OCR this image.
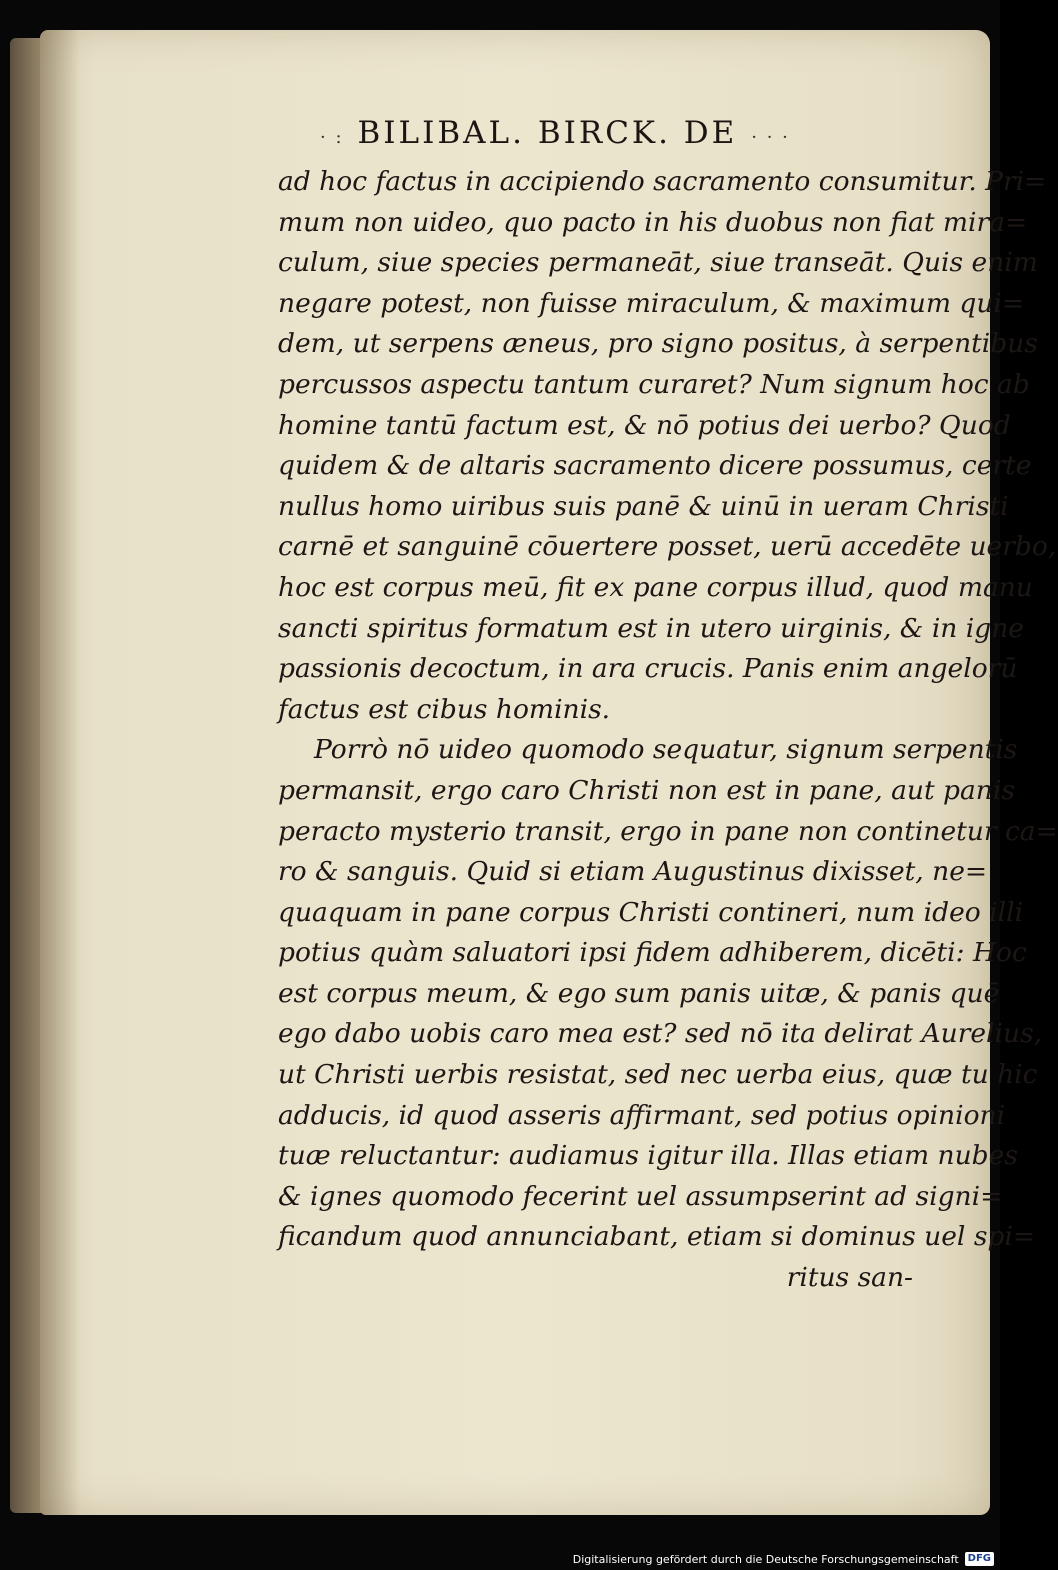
· : BILIBAL. BIRCK. DE · · ·
ad hoc factus in accipiendo sacramento consumitur. Pri=
mum non uideo, quo pacto in his duobus non fiat mira=
culum, siue species permaneāt, siue transeāt. Quis enim
negare potest, non fuisse miraculum, & maximum qui=
dem, ut serpens æneus, pro signo positus, à serpentibus
percussos aspectu tantum curaret? Num signum hoc ab
homine tantū factum est, & nō potius dei uerbo? Quod
quidem & de altaris sacramento dicere possumus, certe
nullus homo uiribus suis panē & uinū in ueram Christi
carnē et sanguinē cōuertere posset, uerū accedēte uerbo,
hoc est corpus meū, fit ex pane corpus illud, quod manu
sancti spiritus formatum est in utero uirginis, & in igne
passionis decoctum, in ara crucis. Panis enim angelorū
factus est cibus hominis.
Porrò nō uideo quomodo sequatur, signum serpentis
permansit, ergo caro Christi non est in pane, aut panis
peracto mysterio transit, ergo in pane non continetur ca=
ro & sanguis. Quid si etiam Augustinus dixisset, ne=
quaquam in pane corpus Christi contineri, num ideo illi
potius quàm saluatori ipsi fidem adhiberem, dicēti: Hoc
est corpus meum, & ego sum panis uitæ, & panis quē
ego dabo uobis caro mea est? sed nō ita delirat Aurelius,
ut Christi uerbis resistat, sed nec uerba eius, quæ tu hic
adducis, id quod asseris affirmant, sed potius opinioni
tuæ reluctantur: audiamus igitur illa. Illas etiam nubes
& ignes quomodo fecerint uel assumpserint ad signi=
ficandum quod annunciabant, etiam si dominus uel spi=
ritus san-
Digitalisierung gefördert durch die Deutsche Forschungsgemeinschaft DFG
